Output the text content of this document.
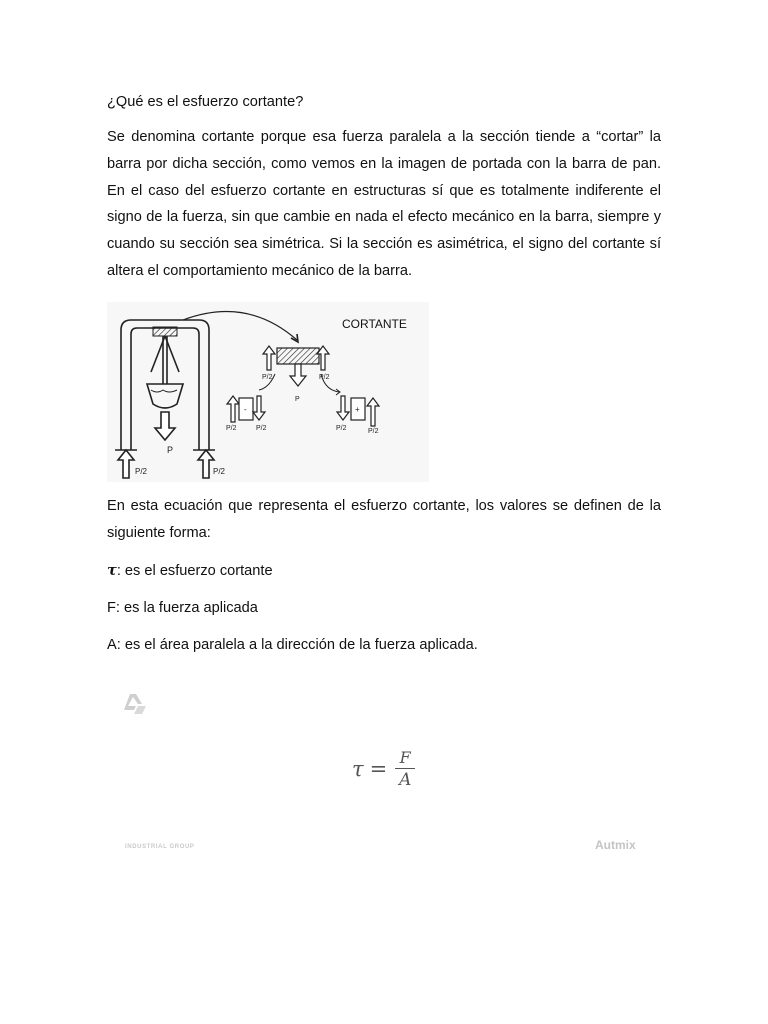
¿Qué es el esfuerzo cortante?

Se denomina cortante porque esa fuerza paralela a la sección tiende a “cortar” la barra por dicha sección, como vemos en la imagen de portada con la barra de pan. En el caso del esfuerzo cortante en estructuras sí que es totalmente indiferente el signo de la fuerza, sin que cambie en nada el efecto mecánico en la barra, siempre y cuando su sección sea simétrica. Si la sección es asimétrica, el signo del cortante sí altera el comportamiento mecánico de la barra.

P
P/2	P/2
CORTANTE
P/2	P/2
P
-	+
P/2	P/2	P/2	P/2

En esta ecuación que representa el esfuerzo cortante, los valores se definen de la siguiente forma:

τ: es el esfuerzo cortante

F: es la fuerza aplicada

A: es el área paralela a la dirección de la fuerza aplicada.

$\tau = \frac{F}{A}$
INDUSTRIAL GROUP	Autmix
